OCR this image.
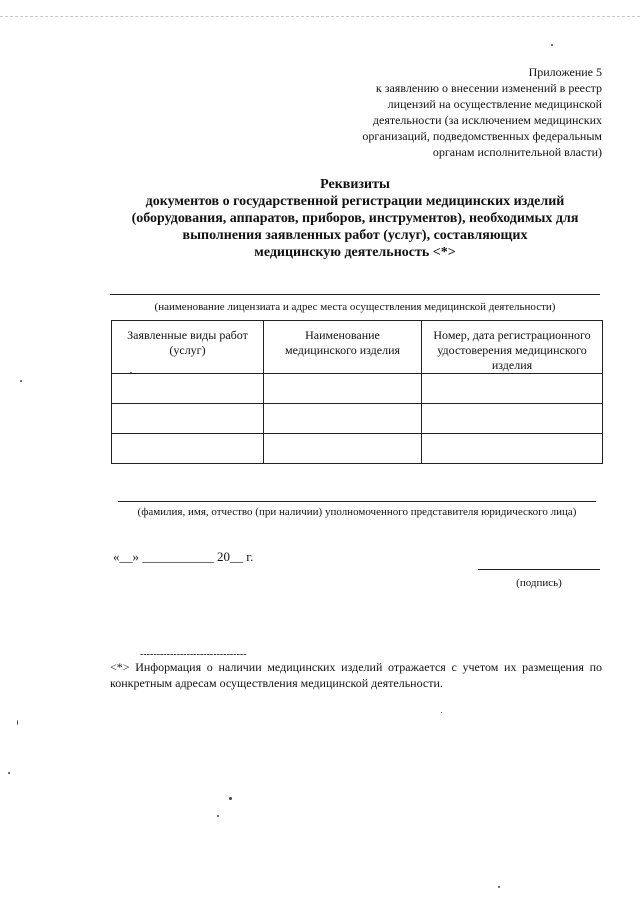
Приложение 5
к заявлению о внесении изменений в реестр
лицензий на осуществление медицинской
деятельности (за исключением медицинских
организаций, подведомственных федеральным
органам исполнительной власти)
Реквизиты
документов о государственной регистрации медицинских изделий
(оборудования, аппаратов, приборов, инструментов), необходимых для
выполнения заявленных работ (услуг), составляющих
медицинскую деятельность <*>
(наименование лицензиата и адрес места осуществления медицинской деятельности)
Заявленные виды работ (услуг)	Наименование медицинского изделия	Номер, дата регистрационного удостоверения медицинского изделия

(фамилия, имя, отчество (при наличии) уполномоченного представителя юридического лица)
«__» ___________ 20__ г.
(подпись)
--------------------------------
<*> Информация о наличии медицинских изделий отражается с учетом их размещения по конкретным адресам осуществления медицинской деятельности.
